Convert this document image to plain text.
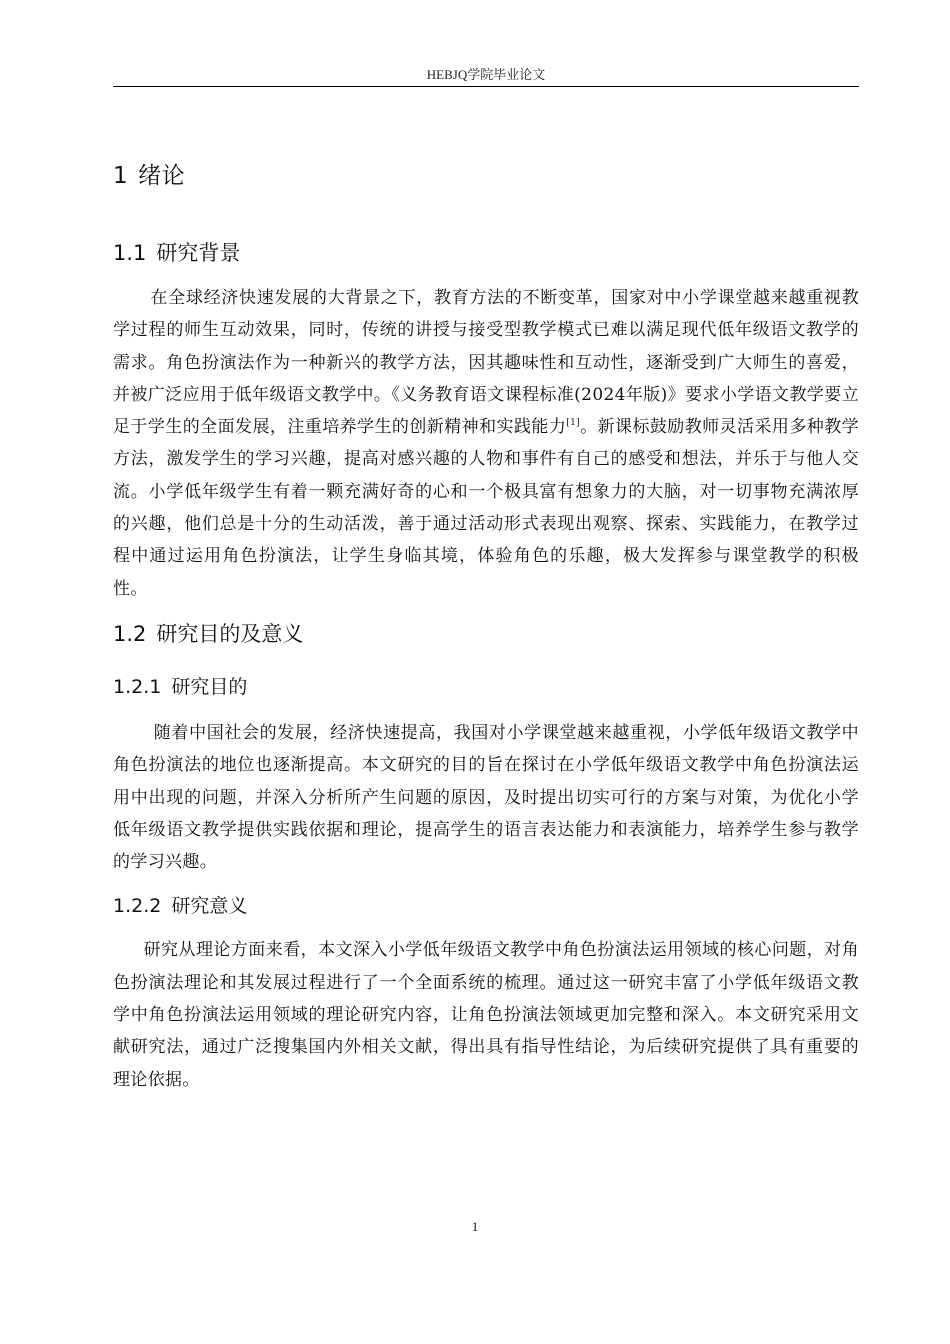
HEBJQ学院毕业论文
1 绪论
1.1 研究背景

在全球经济快速发展的大背景之下，教育方法的不断变革，国家对中小学课堂越来越重视教学过程的师生互动效果，同时，传统的讲授与接受型教学模式已难以满足现代低年级语文教学的需求。角色扮演法作为一种新兴的教学方法，因其趣味性和互动性，逐渐受到广大师生的喜爱，并被广泛应用于低年级语文教学中。《义务教育语文课程标准(2024年版)》要求小学语文教学要立足于学生的全面发展，注重培养学生的创新精神和实践能力[1]。新课标鼓励教师灵活采用多种教学方法，激发学生的学习兴趣，提高对感兴趣的人物和事件有自己的感受和想法，并乐于与他人交流。小学低年级学生有着一颗充满好奇的心和一个极具富有想象力的大脑，对一切事物充满浓厚的兴趣，他们总是十分的生动活泼，善于通过活动形式表现出观察、探索、实践能力，在教学过程中通过运用角色扮演法，让学生身临其境，体验角色的乐趣，极大发挥参与课堂教学的积极性。

1.2 研究目的及意义
1.2.1 研究目的

随着中国社会的发展，经济快速提高，我国对小学课堂越来越重视，小学低年级语文教学中角色扮演法的地位也逐渐提高。本文研究的目的旨在探讨在小学低年级语文教学中角色扮演法运用中出现的问题，并深入分析所产生问题的原因，及时提出切实可行的方案与对策，为优化小学低年级语文教学提供实践依据和理论，提高学生的语言表达能力和表演能力，培养学生参与教学的学习兴趣。

1.2.2 研究意义

研究从理论方面来看，本文深入小学低年级语文教学中角色扮演法运用领域的核心问题，对角色扮演法理论和其发展过程进行了一个全面系统的梳理。通过这一研究丰富了小学低年级语文教学中角色扮演法运用领域的理论研究内容，让角色扮演法领域更加完整和深入。本文研究采用文献研究法，通过广泛搜集国内外相关文献，得出具有指导性结论，为后续研究提供了具有重要的理论依据。

1
